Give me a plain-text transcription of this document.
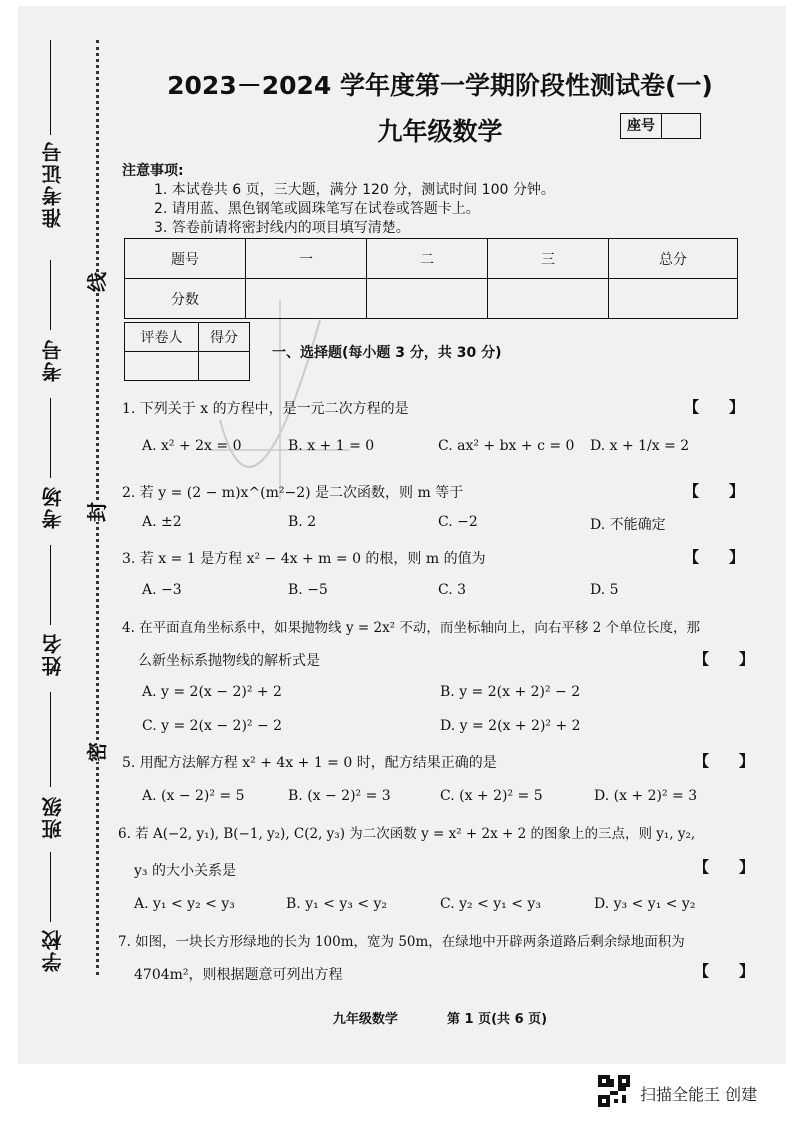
准考证号
考号
考场
姓名
班级
学校
线
封
密
2023－2024 学年度第一学期阶段性测试卷(一)
九年级数学	座号
注意事项:
1. 本试卷共 6 页，三大题，满分 120 分，测试时间 100 分钟。
2. 请用蓝、黑色钢笔或圆珠笔写在试卷或答题卡上。
3. 答卷前请将密封线内的项目填写清楚。
题号	一	二	三	总分
分数				
评卷人	得分

一、选择题(每小题 3 分，共 30 分)
1. 下列关于 x 的方程中，是一元二次方程的是	【　　】
A. x² + 2x = 0	B. x + 1 = 0	C. ax² + bx + c = 0 D. x + 1/x = 2
2. 若 y = (2 − m)x^(m²−2) 是二次函数，则 m 等于	【　　】
A. ±2	B. 2	C. −2	D. 不能确定
3. 若 x = 1 是方程 x² − 4x + m = 0 的根，则 m 的值为	【　　】
A. −3	B. −5	C. 3	D. 5
4. 在平面直角坐标系中，如果抛物线 y = 2x² 不动，而坐标轴向上，向右平移 2 个单位长度，那
么新坐标系抛物线的解析式是	【　　】
A. y = 2(x − 2)² + 2	B. y = 2(x + 2)² − 2
C. y = 2(x − 2)² − 2	D. y = 2(x + 2)² + 2
5. 用配方法解方程 x² + 4x + 1 = 0 时，配方结果正确的是	【　　】
A. (x − 2)² = 5	B. (x − 2)² = 3	C. (x + 2)² = 5	D. (x + 2)² = 3
6. 若 A(−2, y₁), B(−1, y₂), C(2, y₃) 为二次函数 y = x² + 2x + 2 的图象上的三点，则 y₁, y₂,
y₃ 的大小关系是	【　　】
A. y₁ < y₂ < y₃	B. y₁ < y₃ < y₂	C. y₂ < y₁ < y₃	D. y₃ < y₁ < y₂
7. 如图，一块长方形绿地的长为 100m，宽为 50m，在绿地中开辟两条道路后剩余绿地面积为
4704m²，则根据题意可列出方程	【　　】
九年级数学	第 1 页(共 6 页)
扫描全能王 创建
